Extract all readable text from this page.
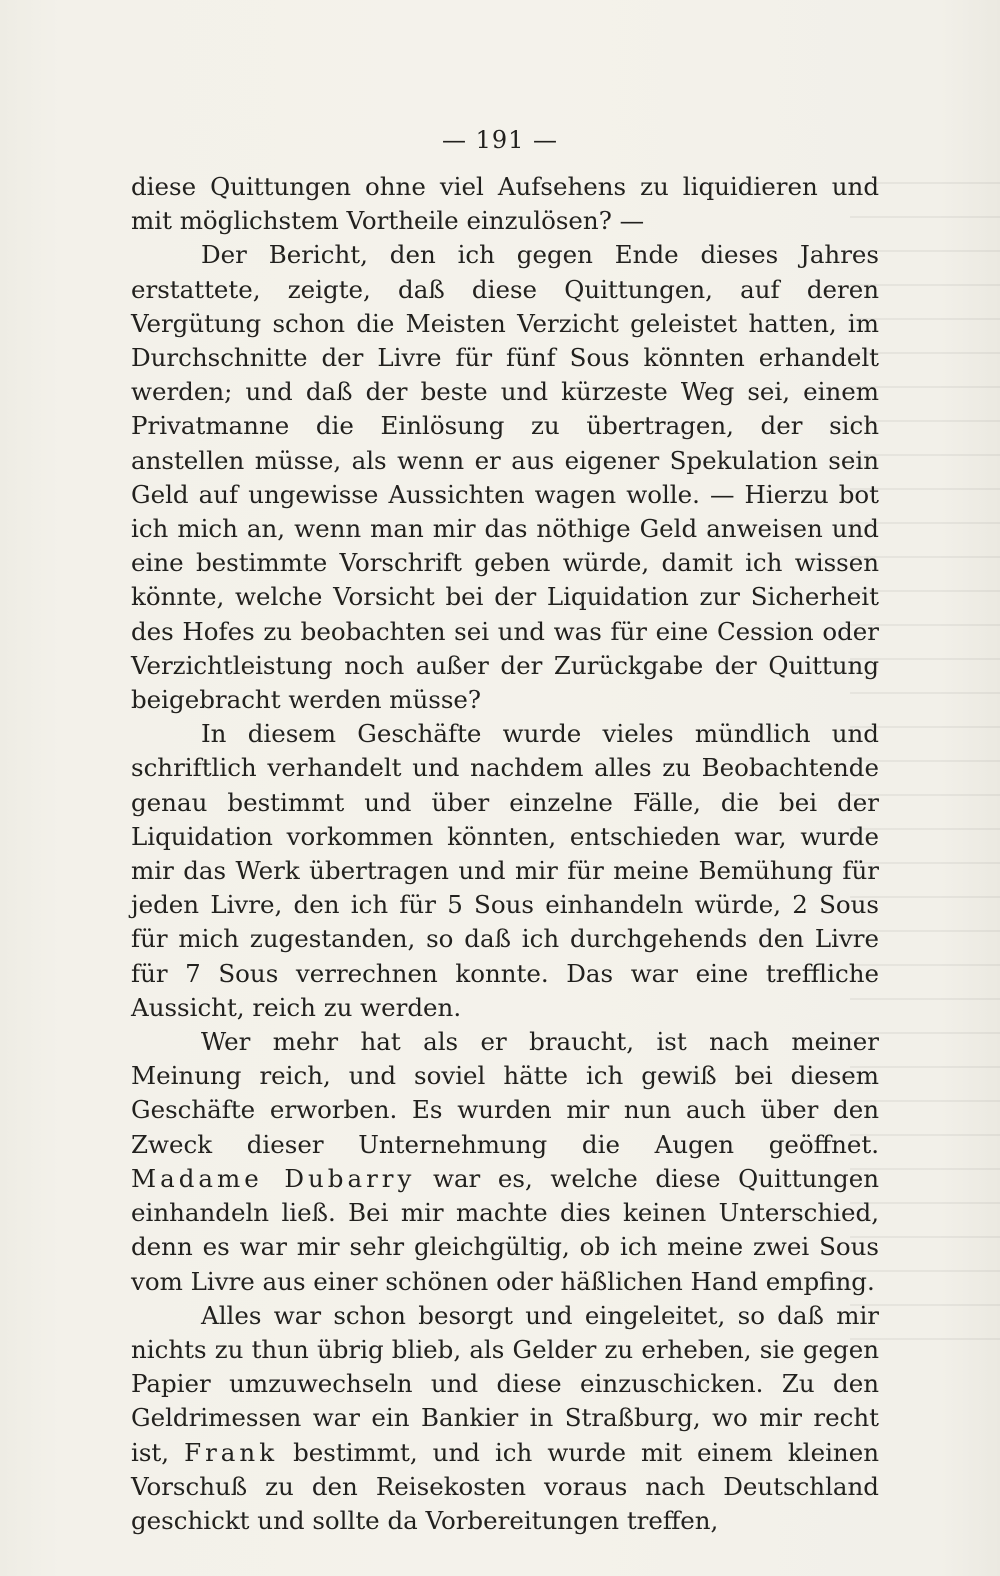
— 191 —

diese Quittungen ohne viel Aufsehens zu liquidieren und mit möglichstem Vortheile einzulösen? —

Der Bericht, den ich gegen Ende dieses Jahres erstattete, zeigte, daß diese Quittungen, auf deren Vergütung schon die Meisten Verzicht geleistet hatten, im Durchschnitte der Livre für fünf Sous könnten erhandelt werden; und daß der beste und kürzeste Weg sei, einem Privatmanne die Einlösung zu übertragen, der sich anstellen müsse, als wenn er aus eigener Spekulation sein Geld auf ungewisse Aussichten wagen wolle. — Hierzu bot ich mich an, wenn man mir das nöthige Geld anweisen und eine bestimmte Vorschrift geben würde, damit ich wissen könnte, welche Vorsicht bei der Liquidation zur Sicherheit des Hofes zu beobachten sei und was für eine Cession oder Verzichtleistung noch außer der Zurückgabe der Quittung beigebracht werden müsse?

In diesem Geschäfte wurde vieles mündlich und schriftlich verhandelt und nachdem alles zu Beobachtende genau bestimmt und über einzelne Fälle, die bei der Liquidation vorkommen könnten, entschieden war, wurde mir das Werk übertragen und mir für meine Bemühung für jeden Livre, den ich für 5 Sous einhandeln würde, 2 Sous für mich zugestanden, so daß ich durchgehends den Livre für 7 Sous verrechnen konnte. Das war eine treffliche Aussicht, reich zu werden.

Wer mehr hat als er braucht, ist nach meiner Meinung reich, und soviel hätte ich gewiß bei diesem Geschäfte erworben. Es wurden mir nun auch über den Zweck dieser Unternehmung die Augen geöffnet. Madame Dubarry war es, welche diese Quittungen einhandeln ließ. Bei mir machte dies keinen Unterschied, denn es war mir sehr gleichgültig, ob ich meine zwei Sous vom Livre aus einer schönen oder häßlichen Hand empfing.

Alles war schon besorgt und eingeleitet, so daß mir nichts zu thun übrig blieb, als Gelder zu erheben, sie gegen Papier umzuwechseln und diese einzuschicken. Zu den Geldrimessen war ein Bankier in Straßburg, wo mir recht ist, Frank bestimmt, und ich wurde mit einem kleinen Vorschuß zu den Reisekosten voraus nach Deutschland geschickt und sollte da Vorbereitungen treffen,
